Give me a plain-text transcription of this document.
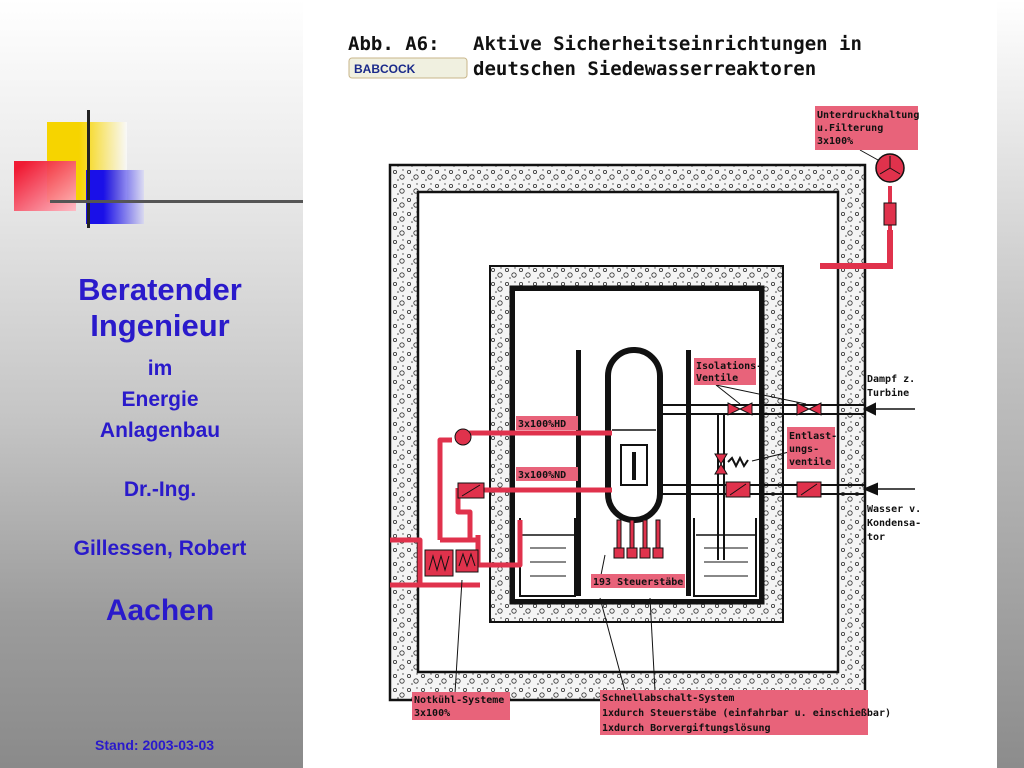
Beratender
Ingenieur
im
Energie
Anlagenbau
Dr.-Ing.
Gillessen, Robert
Aachen
Stand: 2003-03-03
Abb. A6: Aktive Sicherheitseinrichtungen in
deutschen Siedewasserreaktoren
BABCOCK
Unterdruckhaltung
u.Filterung
3x100%
Isolations-
Ventile	Dampf z.
Turbine
Entlast-
ungs-
ventile
3x100%HD
3x100%ND
Wasser v.
Kondensa-
tor
193 Steuerstäbe
Notkühl-Systeme
3x100%
Schnellabschalt-System
1xdurch Steuerstäbe (einfahrbar u. einschießbar)
1xdurch Borvergiftungslösung
